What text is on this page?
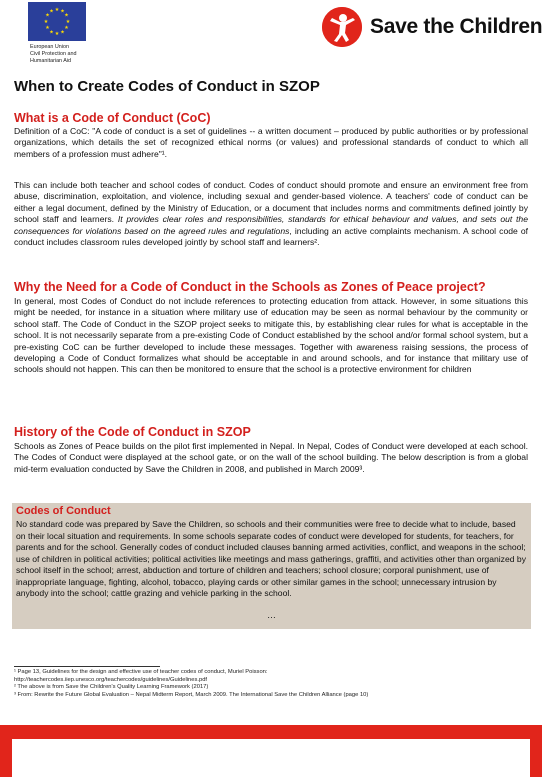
★ ★
★
★
★
★
★
★
★
★
★
★
European Union
Civil Protection and
Humanitarian Aid
Save the Children
When to Create Codes of Conduct in SZOP
What is a Code of Conduct (CoC)

Definition of a CoC: "A code of conduct is a set of guidelines -- a written document – produced by public authorities or by professional organizations, which details the set of recognized ethical norms (or values) and professional standards of conduct to which all members of a profession must adhere"¹.

This can include both teacher and school codes of conduct. Codes of conduct should promote and ensure an environment free from abuse, discrimination, exploitation, and violence, including sexual and gender-based violence. A teachers' code of conduct can be either a legal document, defined by the Ministry of Education, or a document that includes norms and commitments defined jointly by school staff and learners. It provides clear roles and responsibilities, standards for ethical behaviour and values, and sets out the consequences for violations based on the agreed rules and regulations, including an active complaints mechanism. A school code of conduct includes classroom rules developed jointly by school staff and learners².

Why the Need for a Code of Conduct in the Schools as Zones of Peace project?

In general, most Codes of Conduct do not include references to protecting education from attack. However, in some situations this might be needed, for instance in a situation where military use of education may be seen as normal behaviour by the community or school staff. The Code of Conduct in the SZOP project seeks to mitigate this, by establishing clear rules for what is acceptable in the school. It is not necessarily separate from a pre-existing Code of Conduct established by the school and/or formal school system, but a pre-existing CoC can be further developed to include these messages. Together with awareness raising sessions, the process of developing a Code of Conduct formalizes what should be acceptable in and around schools, and for instance that military use of schools should not happen. This can then be monitored to ensure that the school is a protective environment for children

History of the Code of Conduct in SZOP

Schools as Zones of Peace builds on the pilot first implemented in Nepal. In Nepal, Codes of Conduct were developed at each school. The Codes of Conduct were displayed at the school gate, or on the wall of the school building. The below description is from a global mid-term evaluation conducted by Save the Children in 2008, and published in March 2009³.

Codes of Conduct

No standard code was prepared by Save the Children, so schools and their communities were free to decide what to include, based on their local situation and requirements. In some schools separate codes of conduct were developed for students, for teachers, for parents and for the school. Generally codes of conduct included clauses banning armed activities, conflict, and weapons in the school; use of children in political activities; political activities like meetings and mass gatherings, graffiti, and activities other than organized by school itself in the school; arrest, abduction and torture of children and teachers; school closure; corporal punishment, use of inappropriate language, fighting, alcohol, tobacco, playing cards or other similar games in the school; unnecessary intrusion by anybody into the school; cattle grazing and vehicle parking in the school.

…
¹ Page 13, Guidelines for the design and effective use of teacher codes of conduct, Muriel Poisson:
http://teachercodes.iiep.unesco.org/teachercodes/guidelines/Guidelines.pdf
² The above is from Save the Children's Quality Learning Framework (2017)
³ From: Rewrite the Future Global Evaluation – Nepal Midterm Report, March 2009. The International Save the Children Alliance (page 10)
